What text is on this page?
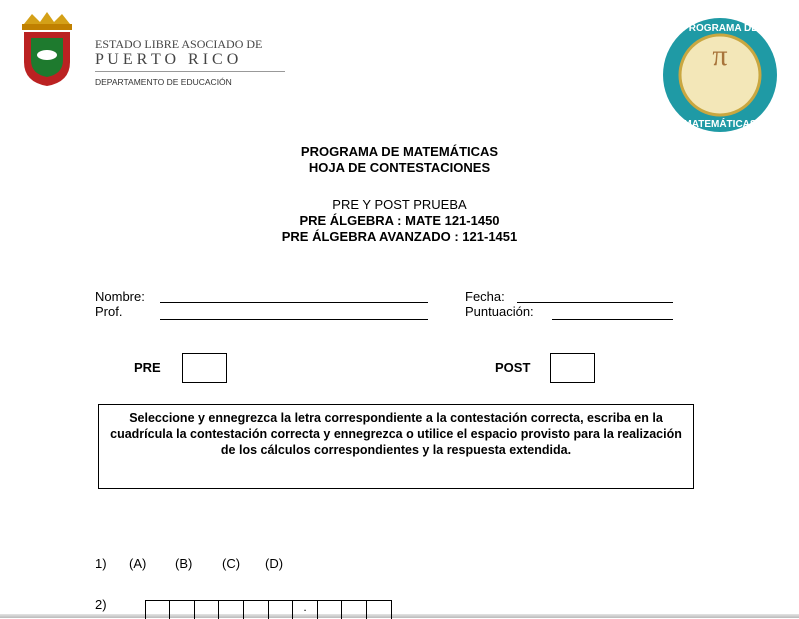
ESTADO LIBRE ASOCIADO DE
P U E R T O   R I C O
DEPARTAMENTO DE EDUCACIÓN
π
PROGRAMA DE
MATEMÁTICAS
PROGRAMA DE MATEMÁTICAS
HOJA DE CONTESTACIONES
PRE Y POST PRUEBA
PRE ÁLGEBRA : MATE 121-1450
PRE ÁLGEBRA AVANZADO : 121-1451
Nombre:
Prof.
Fecha:
Puntuación:
PRE	POST
Seleccione y ennegrezca la letra correspondiente a la contestación correcta, escriba en la cuadrícula la contestación correcta y ennegrezca o utilice el espacio provisto para la realización de los cálculos correspondientes y la respuesta extendida.
1) (A) (B) (C) (D)
2)	.
